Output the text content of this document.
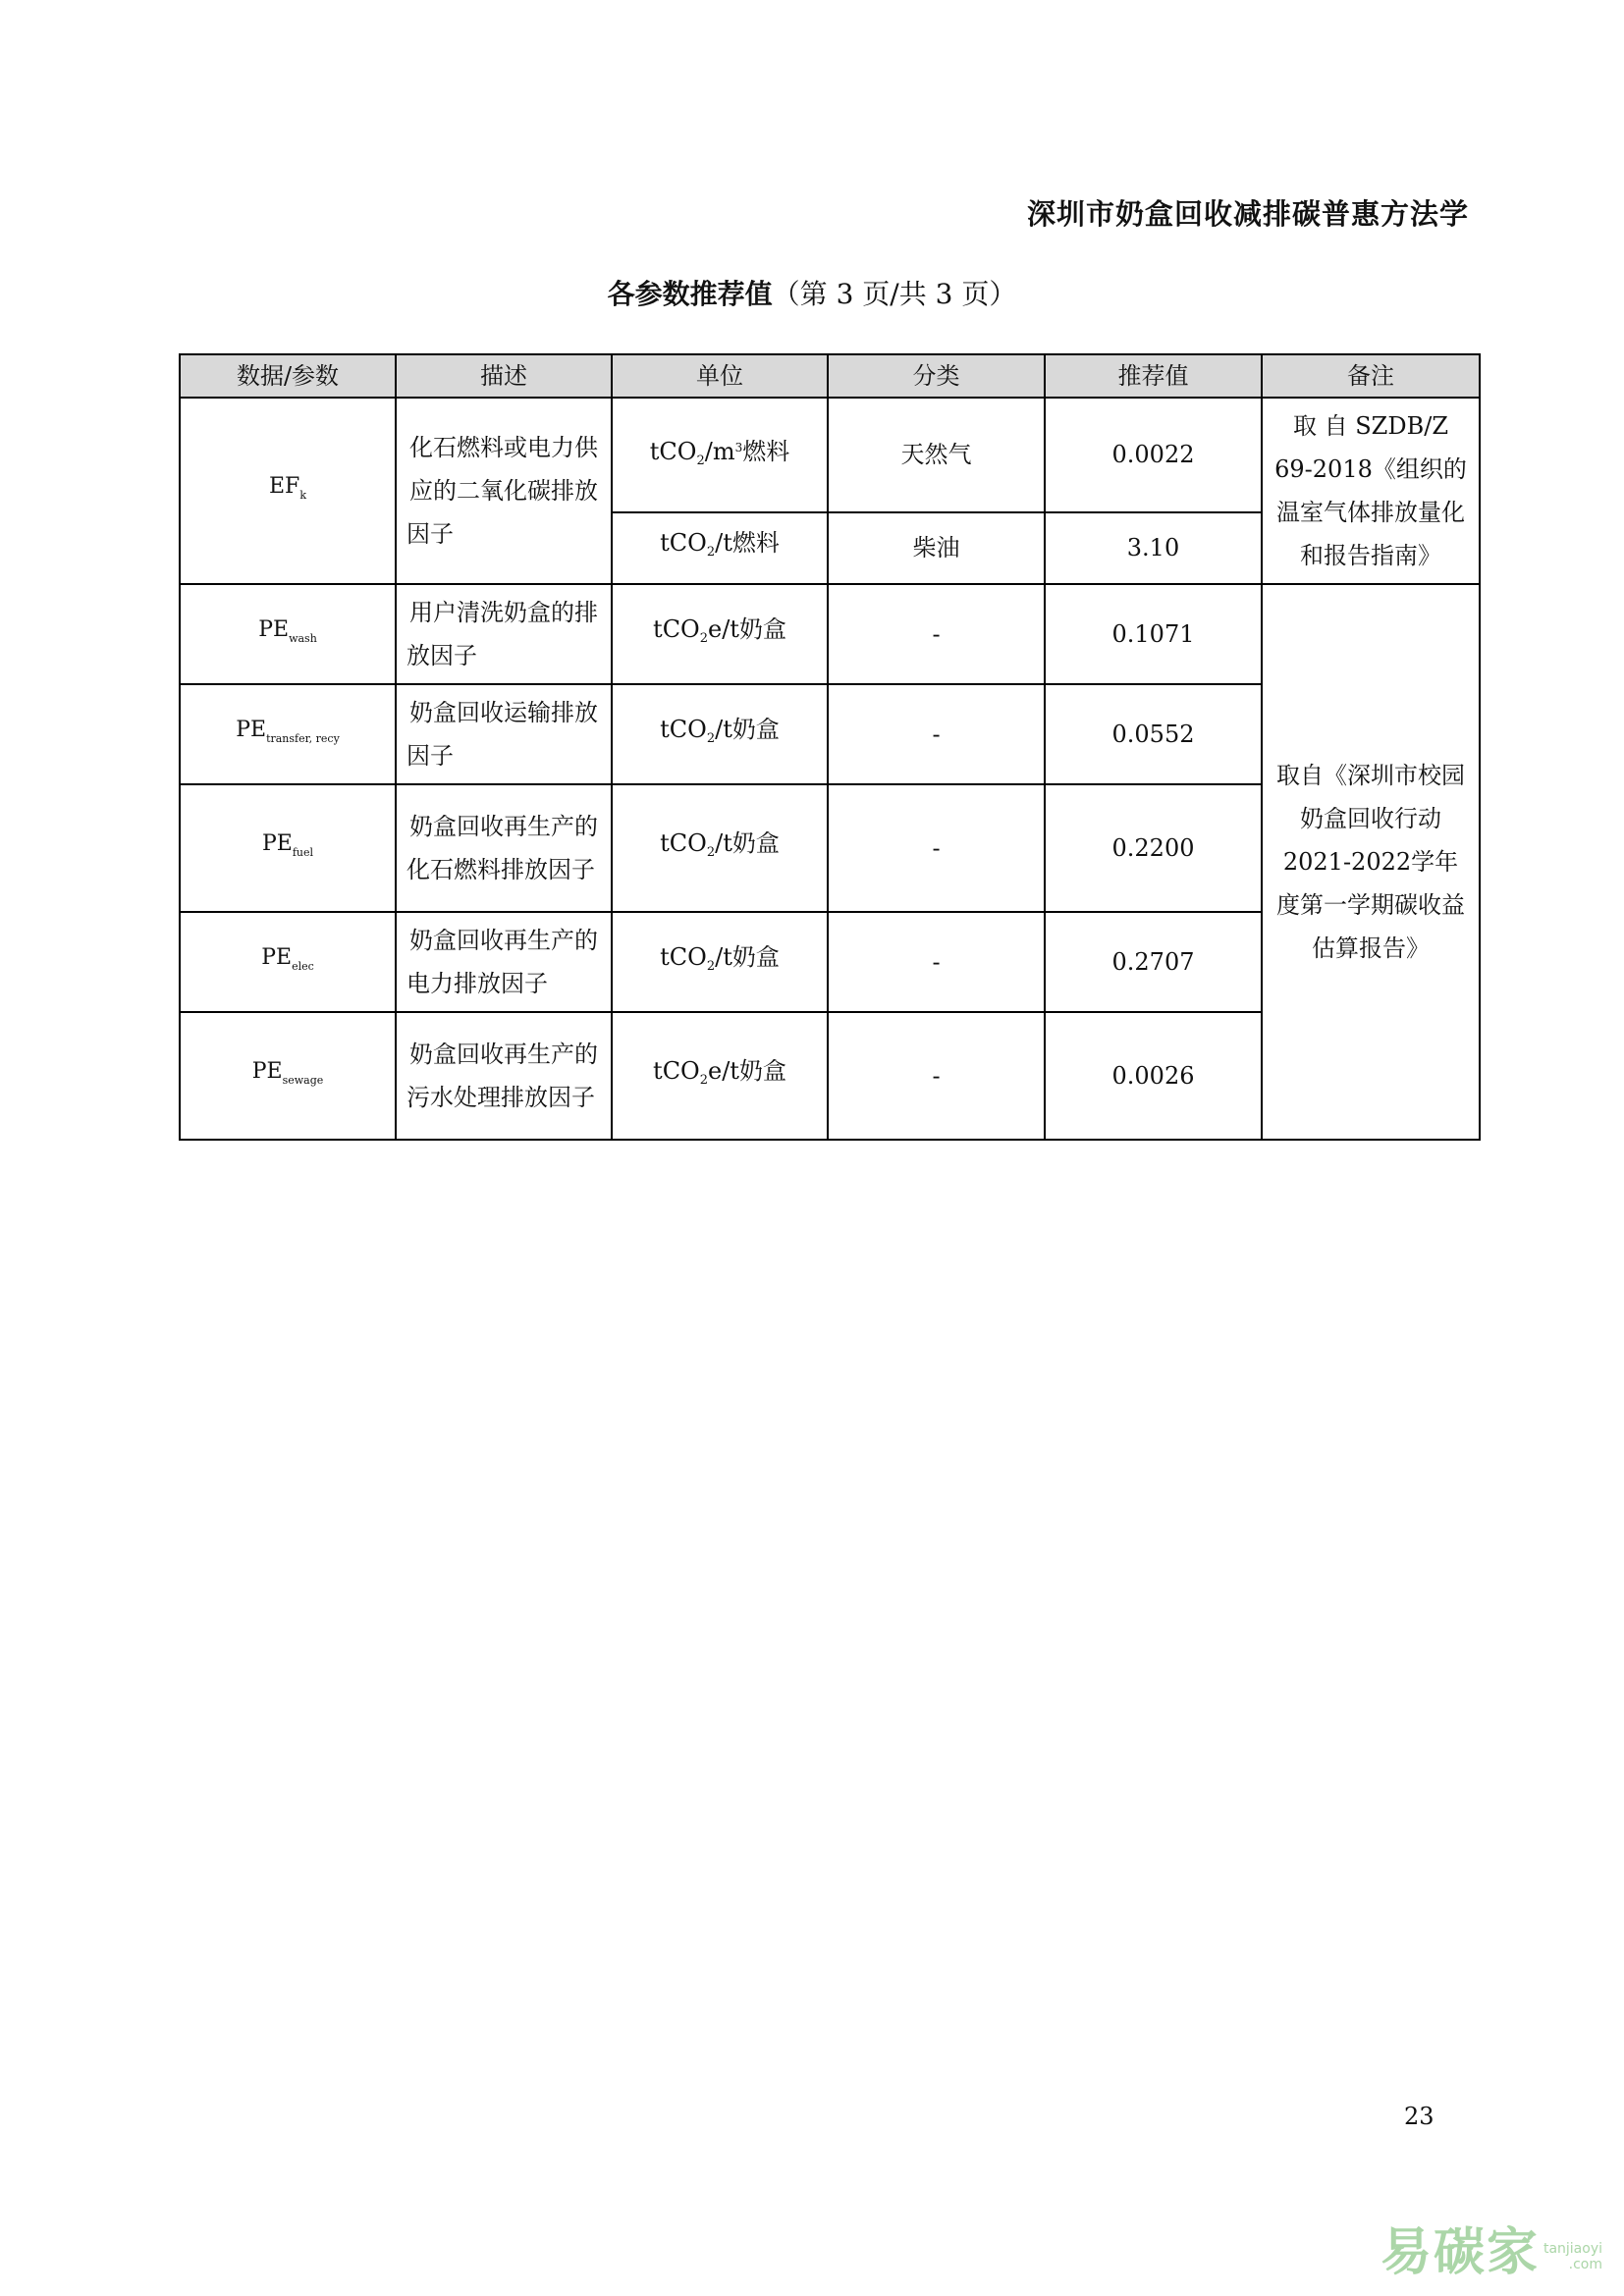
深圳市奶盒回收减排碳普惠方法学
各参数推荐值（第 3 页/共 3 页）
数据/参数	描述	单位	分类	推荐值	备注
$EF_k$	化石燃料或电力供应的二氧化碳排放因子	$tCO_2/m^3$燃料	天然气	0.0022	取 自 SZDB/Z 69-2018《组织的温室气体排放量化和报告指南》
		tCO$_2$/t燃料	柴油	3.10	
$PE_{wash}$	用户清洗奶盒的排放因子	tCO$_2$e/t奶盒	-	0.1071	取自《深圳市校园奶盒回收行动2021-2022学年度第一学期碳收益估算报告》
$PE_{transfer, recy}$	奶盒回收运输排放因子	tCO$_2$/t奶盒	-	0.0552	
$PE_{fuel}$	奶盒回收再生产的化石燃料排放因子	tCO$_2$/t奶盒	-	0.2200	
$PE_{elec}$	奶盒回收再生产的电力排放因子	tCO$_2$/t奶盒	-	0.2707	
$PE_{sewage}$	奶盒回收再生产的污水处理排放因子	tCO$_2$e/t奶盒	-	0.0026	
23
易碳家 tanjiaoyi
.com
